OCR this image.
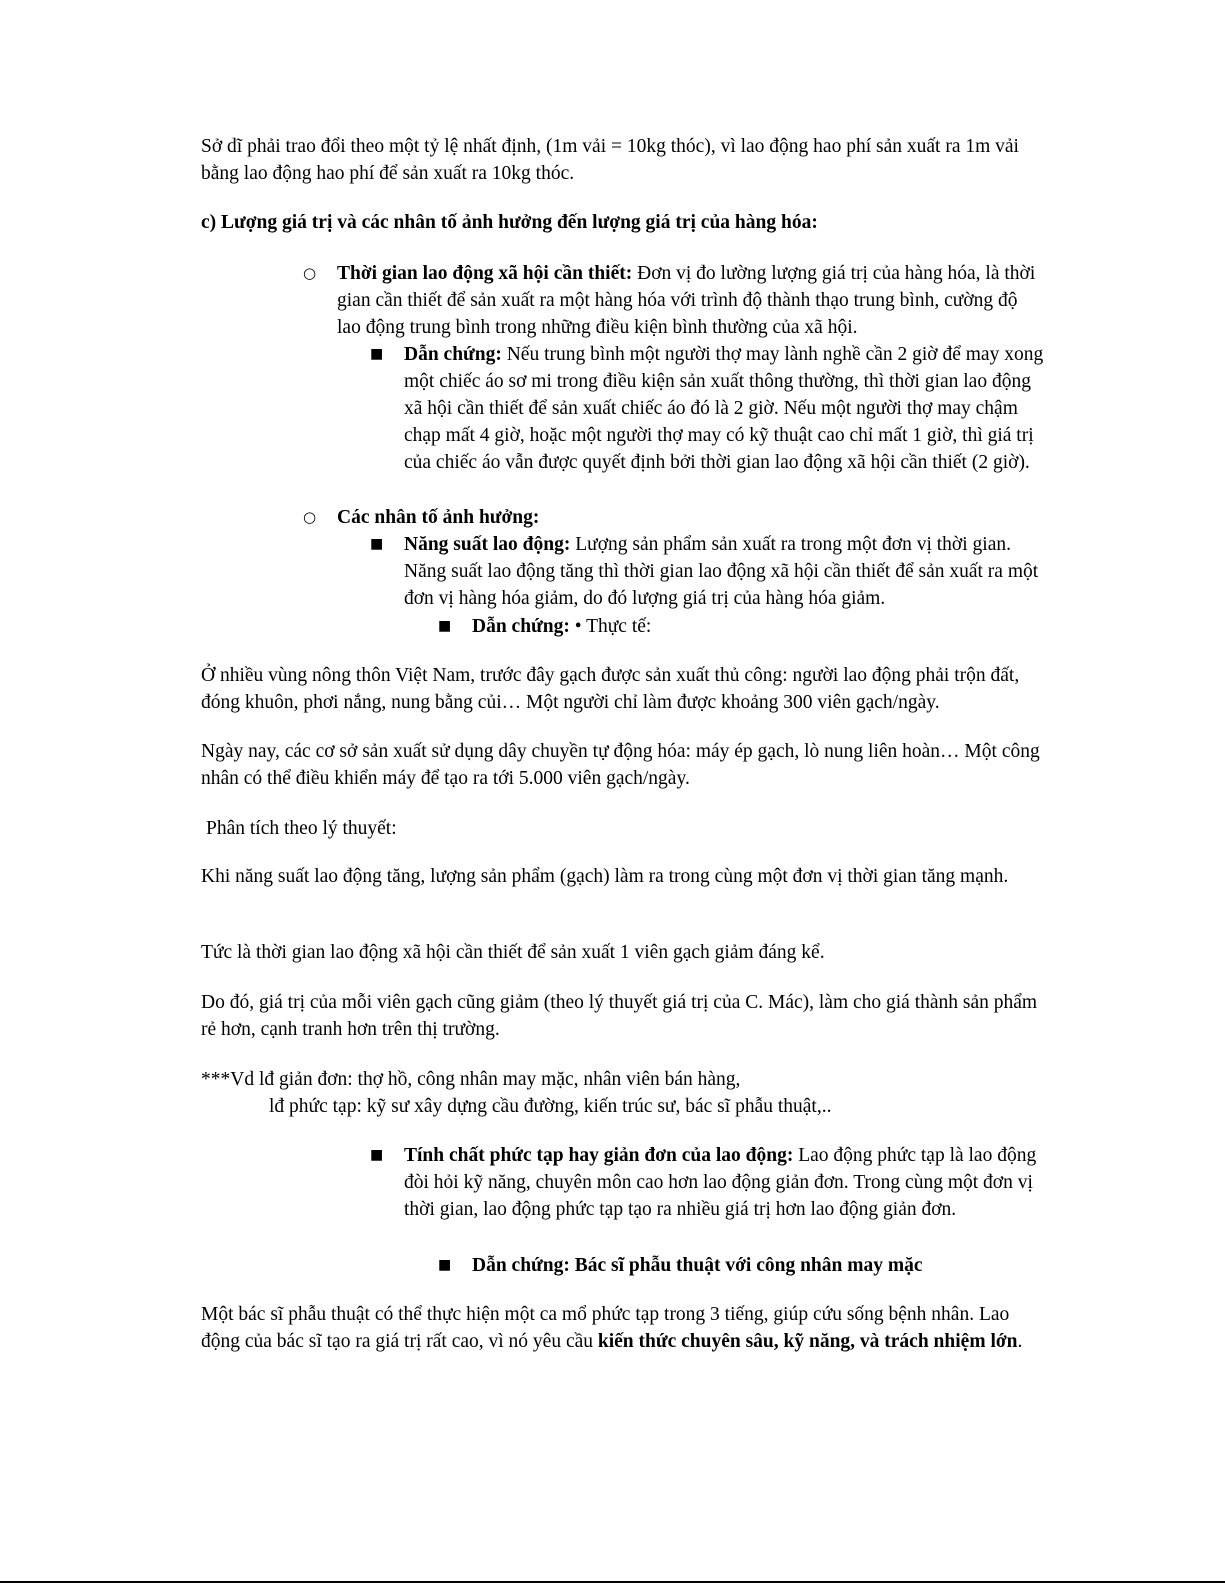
Sở dĩ phải trao đổi theo một tỷ lệ nhất định, (1m vải = 10kg thóc), vì lao động hao phí sản xuất ra 1m vải bằng lao động hao phí để sản xuất ra 10kg thóc.

c) Lượng giá trị và các nhân tố ảnh hưởng đến lượng giá trị của hàng hóa:

○ Thời gian lao động xã hội cần thiết: Đơn vị đo lường lượng giá trị của hàng hóa, là thời gian cần thiết để sản xuất ra một hàng hóa với trình độ thành thạo trung bình, cường độ lao động trung bình trong những điều kiện bình thường của xã hội.
■ Dẫn chứng: Nếu trung bình một người thợ may lành nghề cần 2 giờ để may xong một chiếc áo sơ mi trong điều kiện sản xuất thông thường, thì thời gian lao động xã hội cần thiết để sản xuất chiếc áo đó là 2 giờ. Nếu một người thợ may chậm chạp mất 4 giờ, hoặc một người thợ may có kỹ thuật cao chỉ mất 1 giờ, thì giá trị của chiếc áo vẫn được quyết định bởi thời gian lao động xã hội cần thiết (2 giờ).
○ Các nhân tố ảnh hưởng:
■ Năng suất lao động: Lượng sản phẩm sản xuất ra trong một đơn vị thời gian. Năng suất lao động tăng thì thời gian lao động xã hội cần thiết để sản xuất ra một đơn vị hàng hóa giảm, do đó lượng giá trị của hàng hóa giảm.
■ Dẫn chứng: • Thực tế:

Ở nhiều vùng nông thôn Việt Nam, trước đây gạch được sản xuất thủ công: người lao động phải trộn đất, đóng khuôn, phơi nắng, nung bằng củi… Một người chỉ làm được khoảng 300 viên gạch/ngày.

Ngày nay, các cơ sở sản xuất sử dụng dây chuyền tự động hóa: máy ép gạch, lò nung liên hoàn… Một công nhân có thể điều khiển máy để tạo ra tới 5.000 viên gạch/ngày.

Phân tích theo lý thuyết:

Khi năng suất lao động tăng, lượng sản phẩm (gạch) làm ra trong cùng một đơn vị thời gian tăng mạnh.

Tức là thời gian lao động xã hội cần thiết để sản xuất 1 viên gạch giảm đáng kể.

Do đó, giá trị của mỗi viên gạch cũng giảm (theo lý thuyết giá trị của C. Mác), làm cho giá thành sản phẩm rẻ hơn, cạnh tranh hơn trên thị trường.

***Vd lđ giản đơn: thợ hồ, công nhân may mặc, nhân viên bán hàng,

lđ phức tạp: kỹ sư xây dựng cầu đường, kiến trúc sư, bác sĩ phẫu thuật,..

■ Tính chất phức tạp hay giản đơn của lao động: Lao động phức tạp là lao động đòi hỏi kỹ năng, chuyên môn cao hơn lao động giản đơn. Trong cùng một đơn vị thời gian, lao động phức tạp tạo ra nhiều giá trị hơn lao động giản đơn.
■ Dẫn chứng: Bác sĩ phẫu thuật với công nhân may mặc

Một bác sĩ phẫu thuật có thể thực hiện một ca mổ phức tạp trong 3 tiếng, giúp cứu sống bệnh nhân. Lao động của bác sĩ tạo ra giá trị rất cao, vì nó yêu cầu kiến thức chuyên sâu, kỹ năng, và trách nhiệm lớn.
